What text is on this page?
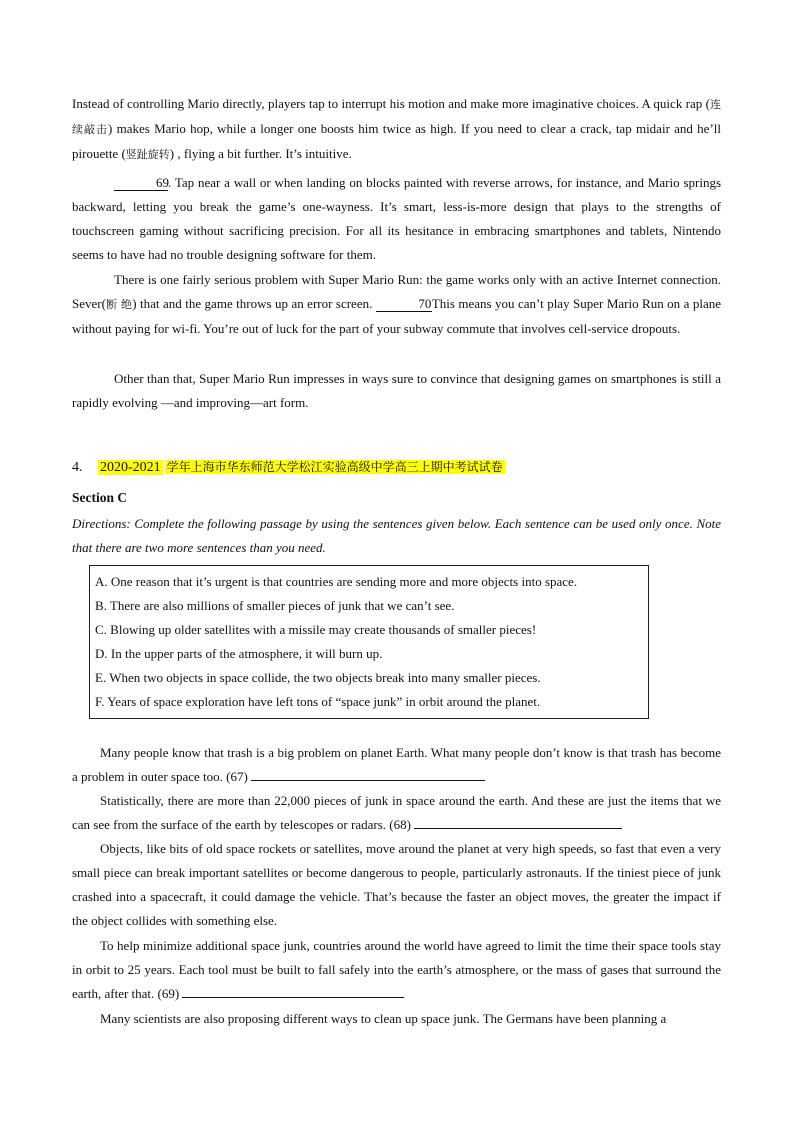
Instead of controlling Mario directly, players tap to interrupt his motion and make more imaginative choices. A quick rap (连续敲击) makes Mario hop, while a longer one boosts him twice as high. If you need to clear a crack, tap midair and he’ll pirouette (竖趾旋转) , flying a bit further. It’s intuitive.
69. Tap near a wall or when landing on blocks painted with reverse arrows, for instance, and Mario springs backward, letting you break the game’s one-wayness. It’s smart, less-is-more design that plays to the strengths of touchscreen gaming without sacrificing precision. For all its hesitance in embracing smartphones and tablets, Nintendo seems to have had no trouble designing software for them.
There is one fairly serious problem with Super Mario Run: the game works only with an active Internet connection. Sever(断 绝) that and the game throws up an error screen.	70This means you can’t play Super Mario Run on a plane without paying for wi-fi. You’re out of luck for the part of your subway commute that involves cell-service dropouts.
Other than that, Super Mario Run impresses in ways sure to convince that designing games on smartphones is still a rapidly evolving —and improving—art form.
4. 2020-2021 学年上海市华东师范大学松江实验高级中学高三上期中考试试卷
Section C
Directions: Complete the following passage by using the sentences given below. Each sentence can be used only once. Note that there are two more sentences than you need.
A. One reason that it’s urgent is that countries are sending more and more objects into space.
B. There are also millions of smaller pieces of junk that we can’t see.
C. Blowing up older satellites with a missile may create thousands of smaller pieces!
D. In the upper parts of the atmosphere, it will burn up.
E. When two objects in space collide, the two objects break into many smaller pieces.
F. Years of space exploration have left tons of “space junk” in orbit around the planet.
Many people know that trash is a big problem on planet Earth. What many people don’t know is that trash has become a problem in outer space too. (67)
Statistically, there are more than 22,000 pieces of junk in space around the earth. And these are just the items that we can see from the surface of the earth by telescopes or radars. (68)
Objects, like bits of old space rockets or satellites, move around the planet at very high speeds, so fast that even a very small piece can break important satellites or become dangerous to people, particularly astronauts. If the tiniest piece of junk crashed into a spacecraft, it could damage the vehicle. That’s because the faster an object moves, the greater the impact if the object collides with something else.
To help minimize additional space junk, countries around the world have agreed to limit the time their space tools stay in orbit to 25 years. Each tool must be built to fall safely into the earth’s atmosphere, or the mass of gases that surround the earth, after that. (69)
Many scientists are also proposing different ways to clean up space junk. The Germans have been planning a
